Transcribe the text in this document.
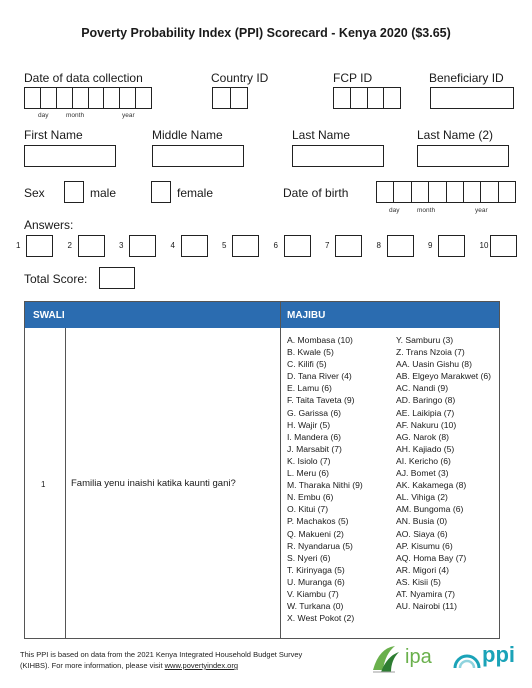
Poverty Probability Index (PPI) Scorecard - Kenya 2020 ($3.65)
Date of data collection	Country ID	FCP ID	Beneficiary ID
day	month	year
First Name	Middle Name	Last Name	Last Name (2)
Sex	male	female	Date of birth
day	month	year
Answers:
1	2	3	4	5	6	7	8	9	10
Total Score:
SWALI	MAJIBU
1	Familia yenu inaishi katika kaunti gani?
A. Mombasa (10)
B. Kwale (5)
C. Kilifi (5)
D. Tana River (4)
E. Lamu (6)
F. Taita Taveta (9)
G. Garissa (6)
H. Wajir (5)
I. Mandera (6)
J. Marsabit (7)
K. Isiolo (7)
L. Meru (6)
M. Tharaka Nithi (9)
N. Embu (6)
O. Kitui (7)
P. Machakos (5)
Q. Makueni (2)
R. Nyandarua (5)
S. Nyeri (6)
T. Kirinyaga (5)
U. Muranga (6)
V. Kiambu (7)
W. Turkana (0)
X. West Pokot (2)
Y. Samburu (3)
Z. Trans Nzoia (7)
AA. Uasin Gishu (8)
AB. Elgeyo Marakwet (6)
AC. Nandi (9)
AD. Baringo (8)
AE. Laikipia (7)
AF. Nakuru (10)
AG. Narok (8)
AH. Kajiado (5)
AI. Kericho (6)
AJ. Bomet (3)
AK. Kakamega (8)
AL. Vihiga (2)
AM. Bungoma (6)
AN. Busia (0)
AO. Siaya (6)
AP. Kisumu (6)
AQ. Homa Bay (7)
AR. Migori (4)
AS. Kisii (5)
AT. Nyamira (7)
AU. Nairobi (11)
This PPI is based on data from the 2021 Kenya Integrated Household Budget Survey
(KIHBS). For more information, please visit www.povertyindex.org	ipa ppi
